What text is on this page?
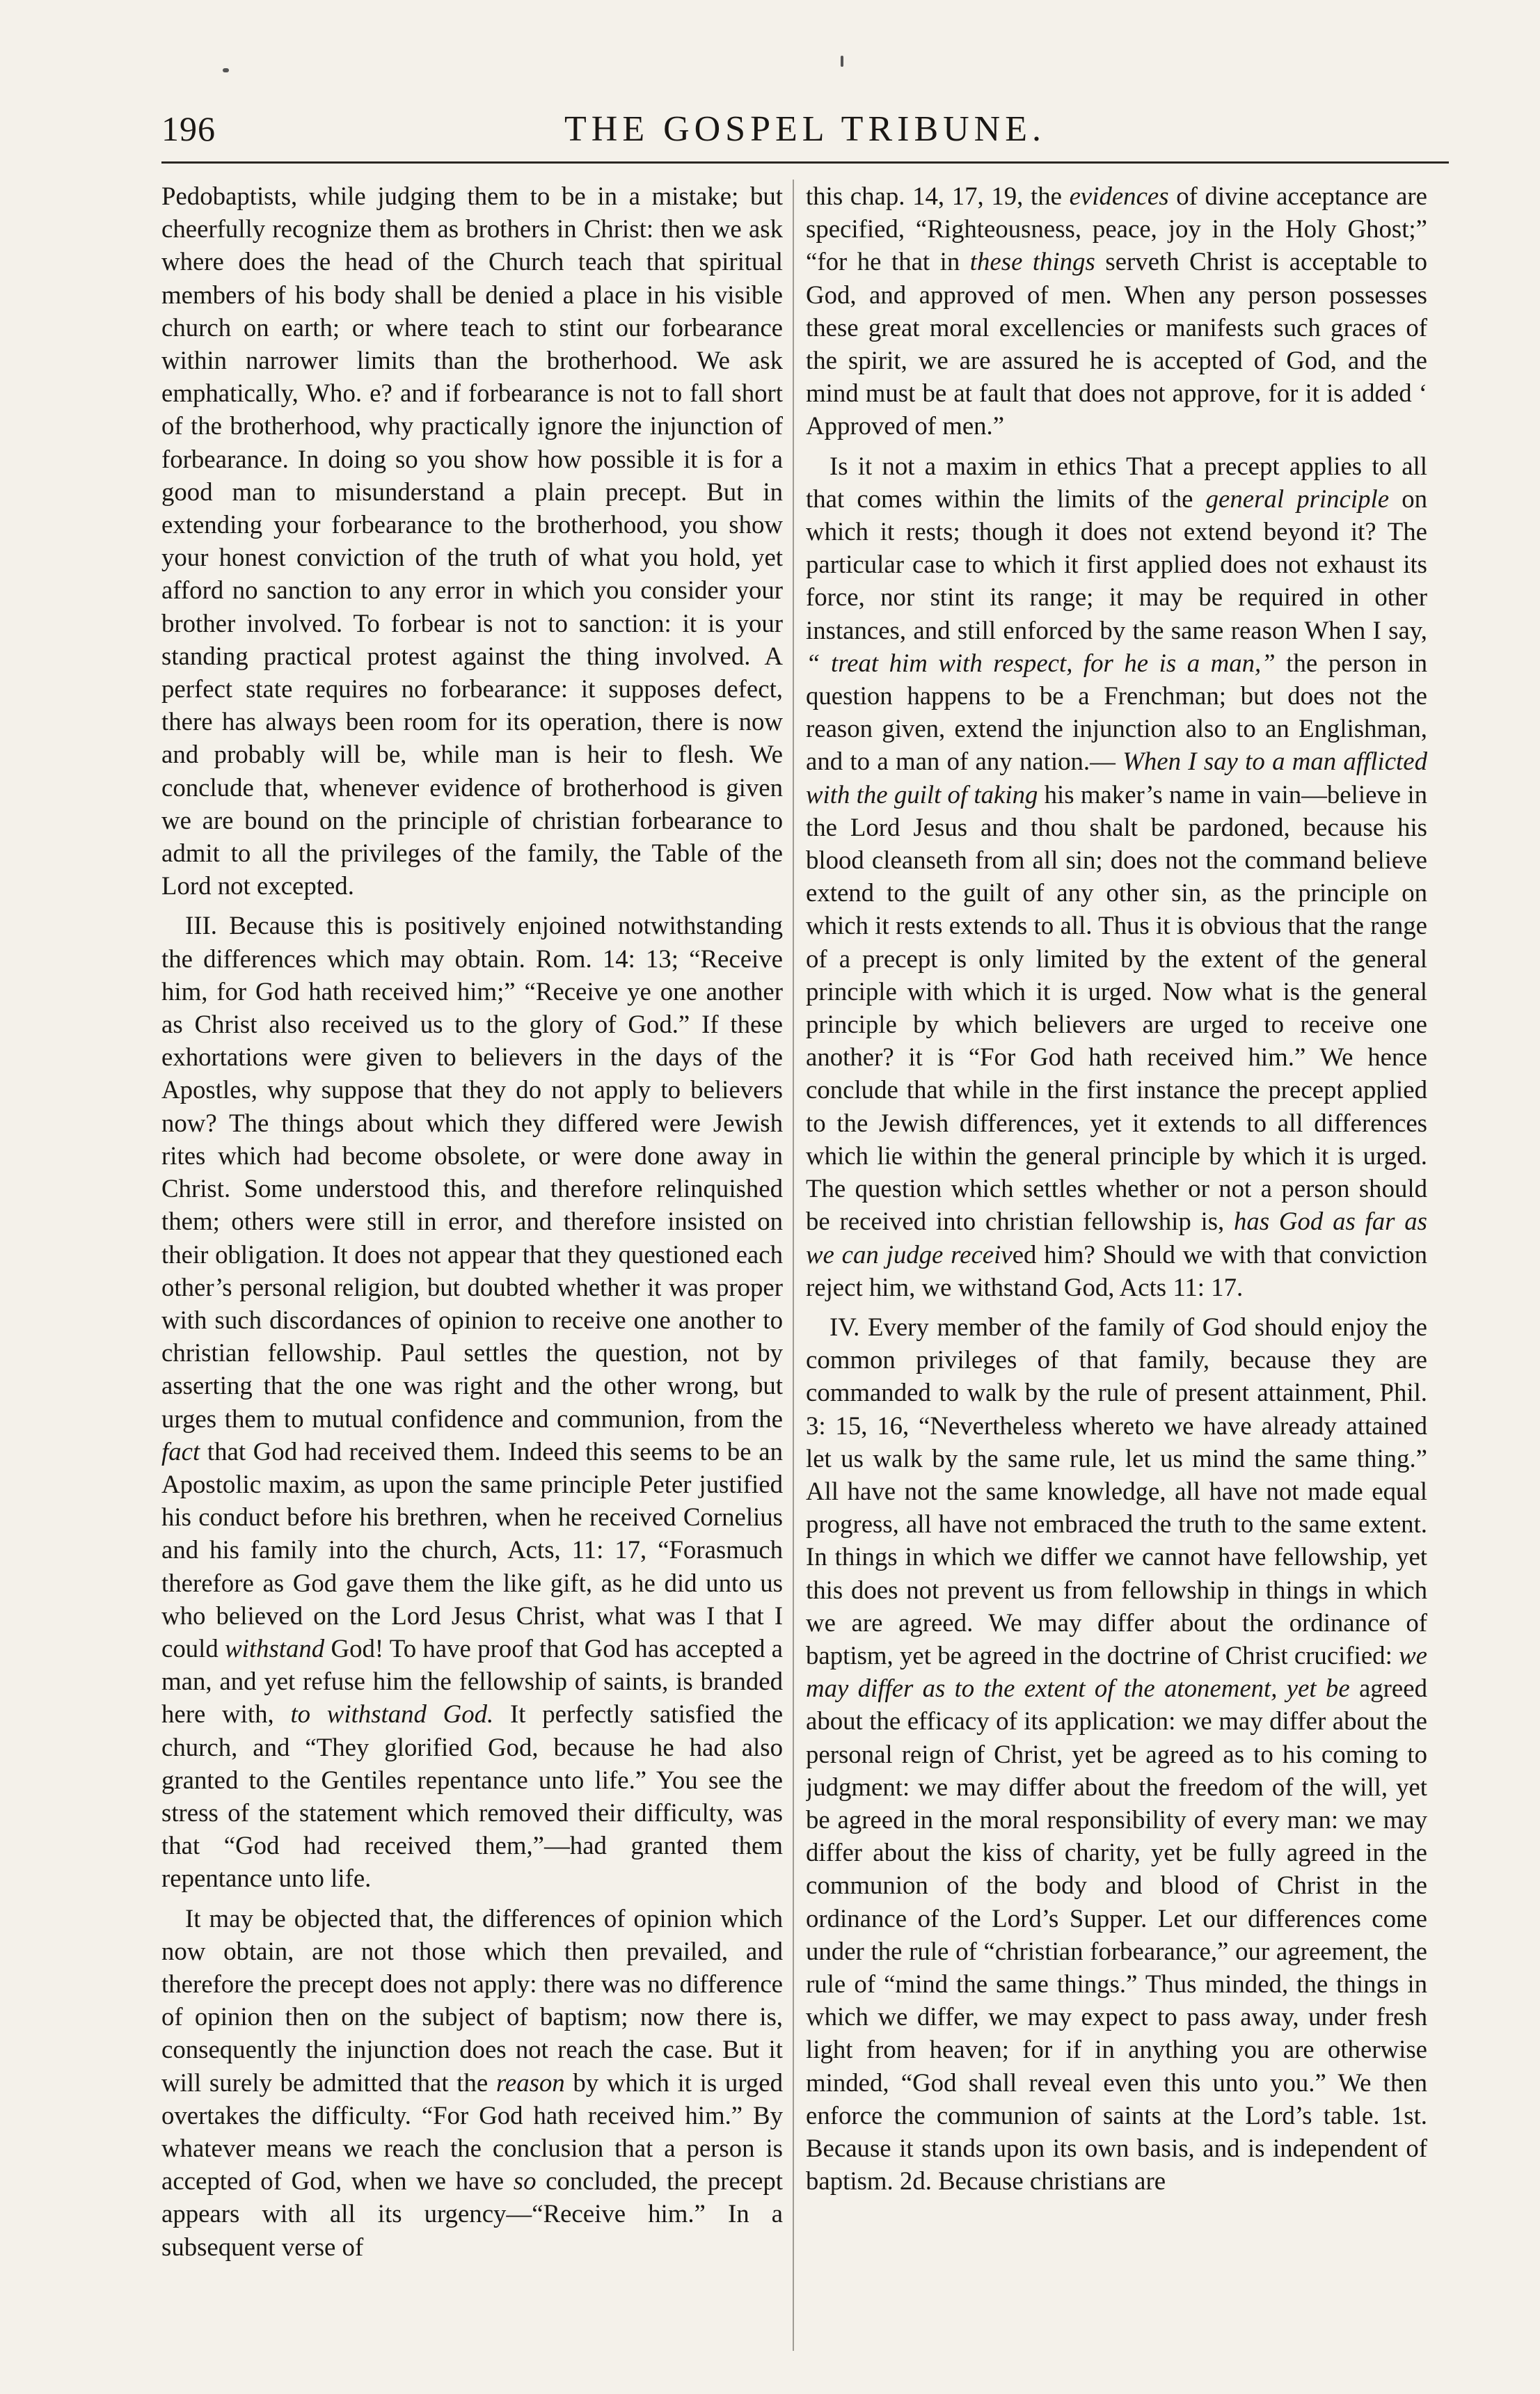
196	THE GOSPEL TRIBUNE.

Pedobaptists, while judging them to be in a mistake; but cheerfully recognize them as brothers in Christ: then we ask where does the head of the Church teach that spiritual members of his body shall be denied a place in his visible church on earth; or where teach to stint our forbearance within narrower limits than the brotherhood. We ask emphatically, Who. e? and if forbearance is not to fall short of the brotherhood, why practically ignore the injunction of forbearance. In doing so you show how possible it is for a good man to misunderstand a plain precept. But in extending your forbearance to the brotherhood, you show your honest conviction of the truth of what you hold, yet afford no sanction to any error in which you consider your brother involved. To forbear is not to sanction: it is your standing practical protest against the thing involved. A perfect state requires no forbearance: it supposes defect, there has always been room for its operation, there is now and probably will be, while man is heir to flesh. We conclude that, whenever evidence of brotherhood is given we are bound on the principle of christian forbearance to admit to all the privileges of the family, the Table of the Lord not excepted.

III. Because this is positively enjoined notwithstanding the differences which may obtain. Rom. 14: 13; “Receive him, for God hath received him;” “Receive ye one another as Christ also received us to the glory of God.” If these exhortations were given to believers in the days of the Apostles, why suppose that they do not apply to believers now? The things about which they differed were Jewish rites which had become obsolete, or were done away in Christ. Some understood this, and therefore relinquished them; others were still in error, and therefore insisted on their obligation. It does not appear that they questioned each other’s personal religion, but doubted whether it was proper with such discordances of opinion to receive one another to christian fellowship. Paul settles the question, not by asserting that the one was right and the other wrong, but urges them to mutual confidence and communion, from the fact that God had received them. Indeed this seems to be an Apostolic maxim, as upon the same principle Peter justified his conduct before his brethren, when he received Cornelius and his family into the church, Acts, 11: 17, “Forasmuch therefore as God gave them the like gift, as he did unto us who believed on the Lord Jesus Christ, what was I that I could withstand God! To have proof that God has accepted a man, and yet refuse him the fellowship of saints, is branded here with, to withstand God. It perfectly satisfied the church, and “They glorified God, because he had also granted to the Gentiles repentance unto life.” You see the stress of the statement which removed their difficulty, was that “God had received them,”—had granted them repentance unto life.

It may be objected that, the differences of opinion which now obtain, are not those which then prevailed, and therefore the precept does not apply: there was no difference of opinion then on the subject of baptism; now there is, consequently the injunction does not reach the case. But it will surely be admitted that the reason by which it is urged overtakes the difficulty. “For God hath received him.” By whatever means we reach the conclusion that a person is accepted of God, when we have so concluded, the precept appears with all its urgency—“Receive him.” In a subsequent verse of

this chap. 14, 17, 19, the evidences of divine acceptance are specified, “Righteousness, peace, joy in the Holy Ghost;” “for he that in these things serveth Christ is acceptable to God, and approved of men. When any person possesses these great moral excellencies or manifests such graces of the spirit, we are assured he is accepted of God, and the mind must be at fault that does not approve, for it is added ‘ Approved of men.”

Is it not a maxim in ethics That a precept applies to all that comes within the limits of the general principle on which it rests; though it does not extend beyond it? The particular case to which it first applied does not exhaust its force, nor stint its range; it may be required in other instances, and still enforced by the same reason When I say, “ treat him with respect, for he is a man,” the person in question happens to be a Frenchman; but does not the reason given, extend the injunction also to an Englishman, and to a man of any nation.— When I say to a man afflicted with the guilt of taking his maker’s name in vain—believe in the Lord Jesus and thou shalt be pardoned, because his blood cleanseth from all sin; does not the command believe extend to the guilt of any other sin, as the principle on which it rests extends to all. Thus it is obvious that the range of a precept is only limited by the extent of the general principle with which it is urged. Now what is the general principle by which believers are urged to receive one another? it is “For God hath received him.” We hence conclude that while in the first instance the precept applied to the Jewish differences, yet it extends to all differences which lie within the general principle by which it is urged. The question which settles whether or not a person should be received into christian fellowship is, has God as far as we can judge received him? Should we with that conviction reject him, we withstand God, Acts 11: 17.

IV. Every member of the family of God should enjoy the common privileges of that family, because they are commanded to walk by the rule of present attainment, Phil. 3: 15, 16, “Nevertheless whereto we have already attained let us walk by the same rule, let us mind the same thing.” All have not the same knowledge, all have not made equal progress, all have not embraced the truth to the same extent. In things in which we differ we cannot have fellowship, yet this does not prevent us from fellowship in things in which we are agreed. We may differ about the ordinance of baptism, yet be agreed in the doctrine of Christ crucified: we may differ as to the extent of the atonement, yet be agreed about the efficacy of its application: we may differ about the personal reign of Christ, yet be agreed as to his coming to judgment: we may differ about the freedom of the will, yet be agreed in the moral responsibility of every man: we may differ about the kiss of charity, yet be fully agreed in the communion of the body and blood of Christ in the ordinance of the Lord’s Supper. Let our differences come under the rule of “christian forbearance,” our agreement, the rule of “mind the same things.” Thus minded, the things in which we differ, we may expect to pass away, under fresh light from heaven; for if in anything you are otherwise minded, “God shall reveal even this unto you.” We then enforce the communion of saints at the Lord’s table. 1st. Because it stands upon its own basis, and is independent of baptism. 2d. Because christians are
